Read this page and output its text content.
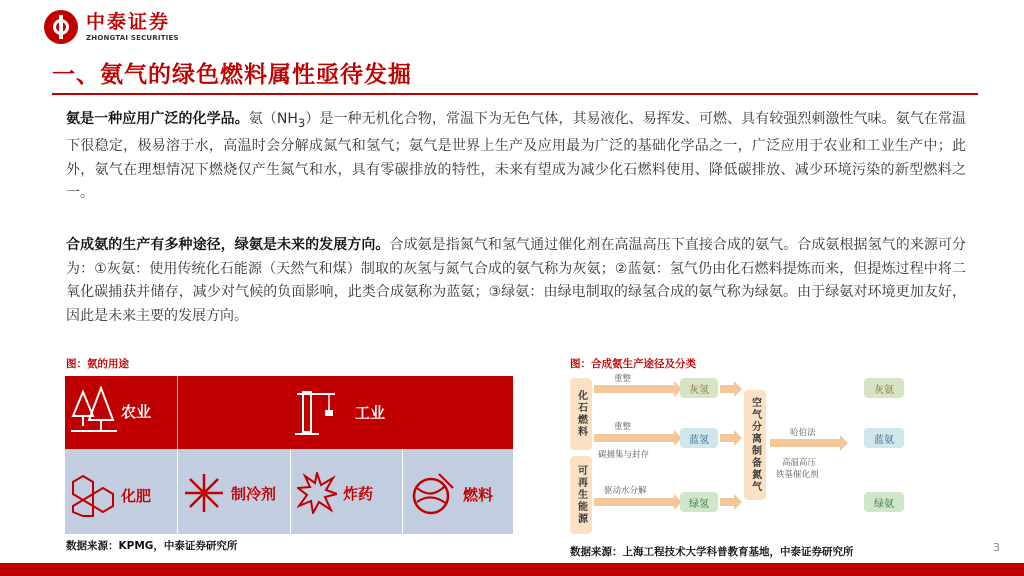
中泰证券
ZHONGTAI SECURITIES
一、氨气的绿色燃料属性亟待发掘
氨是一种应用广泛的化学品。氨$(NH_3)$是一种无机化合物，常温下为无色气体，其易液化、易挥发、可燃、具有较强烈刺激性气味。氨气在常温下很稳定，极易溶于水，高温时会分解成氮气和氢气；氨气是世界上生产及应用最为广泛的基础化学品之一，广泛应用于农业和工业生产中；此外，氨气在理想情况下燃烧仅产生氮气和水，具有零碳排放的特性，未来有望成为减少化石燃料使用、降低碳排放、减少环境污染的新型燃料之一。
合成氨的生产有多种途径，绿氨是未来的发展方向。合成氨是指氮气和氢气通过催化剂在高温高压下直接合成的氨气。合成氨根据氢气的来源可分为：①灰氨：使用传统化石能源（天然气和煤）制取的灰氢与氮气合成的氨气称为灰氨；②蓝氨：氢气仍由化石燃料提炼而来，但提炼过程中将二氧化碳捕获并储存，减少对气候的负面影响，此类合成氨称为蓝氨；③绿氨：由绿电制取的绿氢合成的氨气称为绿氨。由于绿氨对环境更加友好，因此是未来主要的发展方向。
图：氨的用途	图：合成氨生产途径及分类
农业	工业
化肥	制冷剂	炸药	燃料
数据来源：KPMG，中泰证券研究所
化石燃料
可再生能源
重整
重整
碳捕集与封存
驱动水分解
灰氢
蓝氢
绿氢
空气分离制备氮气	哈伯法
高温高压
铁基催化剂
灰氨
蓝氨
绿氨
数据来源：上海工程技术大学科普教育基地，中泰证券研究所	3
